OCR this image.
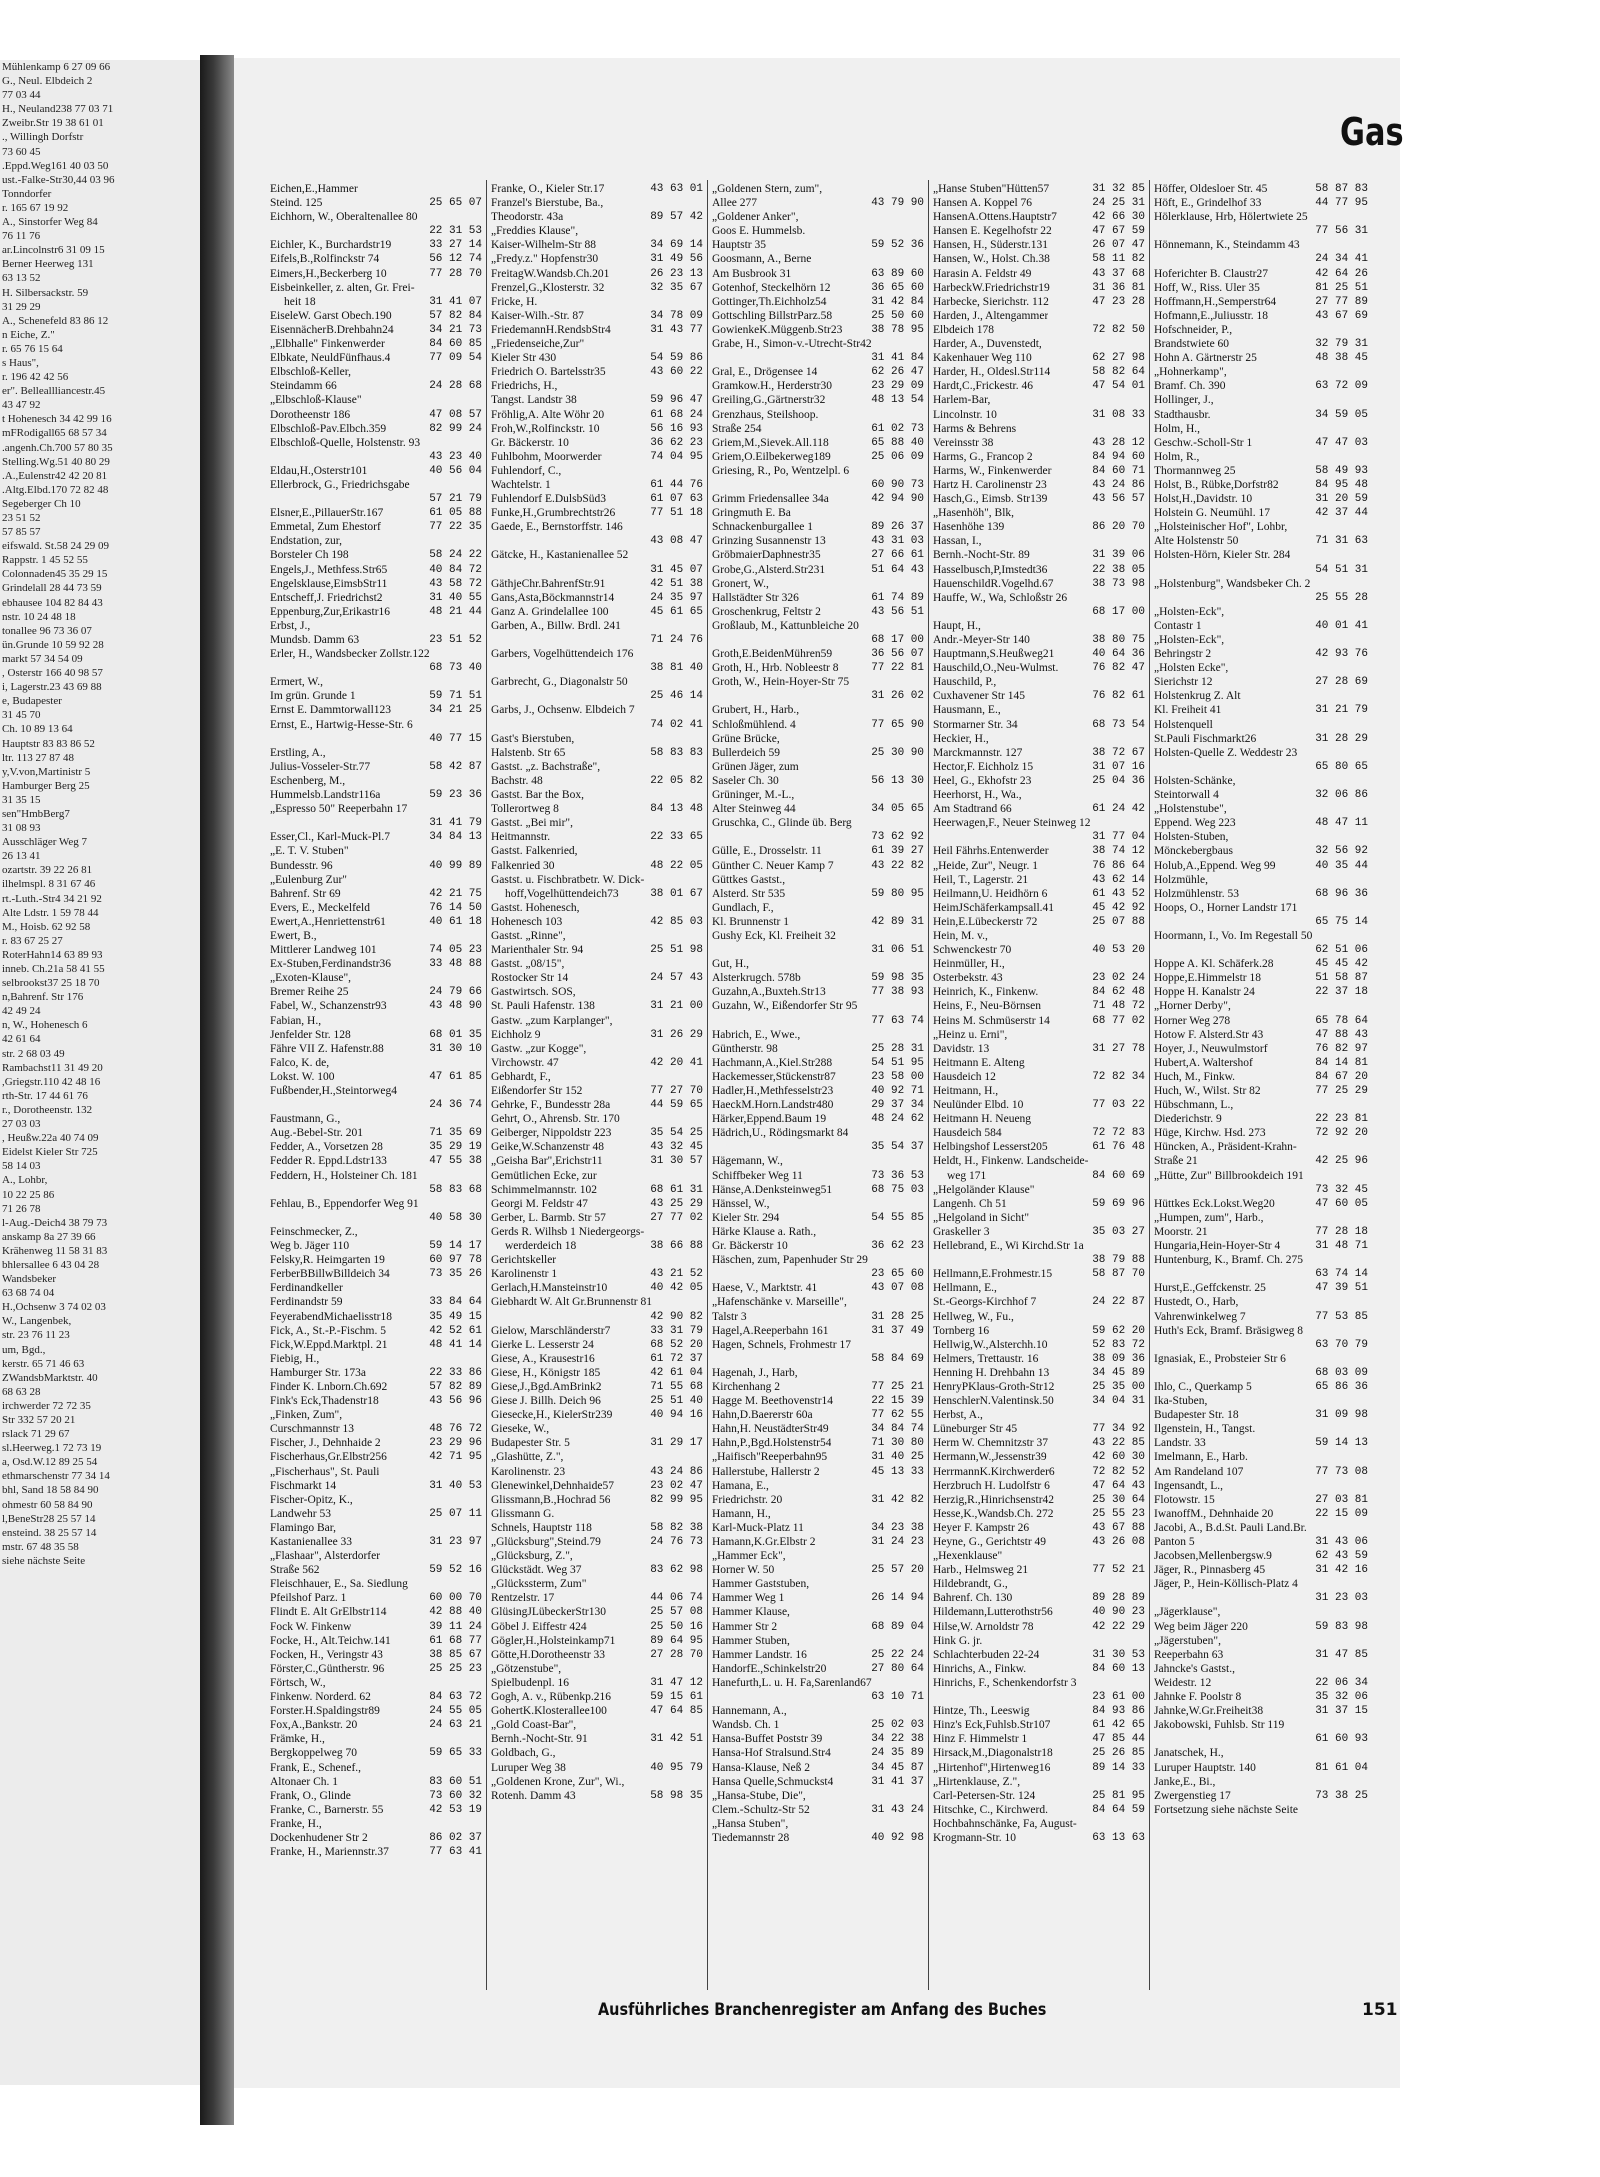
Mühlenkamp 6 27 09 66
G., Neul. Elbdeich 2
77 03 44
H., Neuland238 77 03 71
Zweibr.Str 19 38 61 01
., Willingh Dorfstr
73 60 45
.Eppd.Weg161 40 03 50
ust.-Falke-Str30,44 03 96
Tonndorfer
r. 165 67 19 92
A., Sinstorfer Weg 84
76 11 76
ar.Lincolnstr6 31 09 15
Berner Heerweg 131
63 13 52
H. Silbersackstr. 59
31 29 29
A., Schenefeld 83 86 12
n Eiche, Z."
r. 65 76 15 64
s Haus",
r. 196 42 42 56
er". Belleallliancestr.45
43 47 92
t Hohenesch 34 42 99 16
mFRodigall65 68 57 34
.angenh.Ch.700 57 80 35
Stelling.Wg.51 40 80 29
.A.,Eulenstr42 42 20 81
.Altg.Elbd.170 72 82 48
Segeberger Ch 10
23 51 52
57 85 57
eifswald. St.58 24 29 09
Rappstr. 1 45 52 55
Colonnaden45 35 29 15
Grindelall 28 44 73 59
ebhausee 104 82 84 43
nstr. 10 24 48 18
tonallee 96 73 36 07
ün.Grunde 10 59 92 28
markt 57 34 54 09
, Osterstr 166 40 98 57
i, Lagerstr.23 43 69 88
e, Budapester
31 45 70
Ch. 10 89 13 64
Hauptstr 83 83 86 52
ltr. 113 27 87 48
y,V.von,Martinistr 5
Hamburger Berg 25
31 35 15
sen"HmbBerg7
31 08 93
Ausschläger Weg 7
26 13 41
ozartstr. 39 22 26 81
ilhelmspl. 8 31 67 46
rt.-Luth.-Str4 34 21 92
Alte Ldstr. 1 59 78 44
M., Hoisb. 62 92 58
r. 83 67 25 27
RoterHahn14 63 89 93
inneb. Ch.21a 58 41 55
selbrookst37 25 18 70
n,Bahrenf. Str 176
42 49 24
n, W., Hohenesch 6
42 61 64
str. 2 68 03 49
Rambachst11 31 49 20
,Griegstr.110 42 48 16
rth-Str. 17 44 61 76
r., Dorotheenstr. 132
27 03 03
, Heußw.22a 40 74 09
Eidelst Kieler Str 725
58 14 03
A., Lohbr,
10 22 25 86
71 26 78
l-Aug.-Deich4 38 79 73
anskamp 8a 27 39 66
Krähenweg 11 58 31 83
bhlersallee 6 43 04 28
Wandsbeker
63 68 74 04
H.,Ochsenw 3 74 02 03
W., Langenbek,
str. 23 76 11 23
um, Bgd.,
kerstr. 65 71 46 63
ZWandsbMarktstr. 40
68 63 28
irchwerder 72 72 35
Str 332 57 20 21
rslack 71 29 67
sl.Heerweg.1 72 73 19
a, Osd.W.12 89 25 54
ethmarschenstr 77 34 14
bhl, Sand 18 58 84 90
ohmestr 60 58 84 90
l,BeneStr28 25 57 14
ensteind. 38 25 57 14
mstr. 67 48 35 58
siehe nächste Seite
Gas
Eichen,E.,Hammer
Steind. 125	25 65 07
Eichhorn, W., Oberaltenallee 80
22 31 53
Eichler, K., Burchardstr19	33 27 14
Eifels,B.,Rolfinckstr 74	56 12 74
Eimers,H.,Beckerberg 10	77 28 70
Eisbeinkeller, z. alten, Gr. Frei-
heit 18	31 41 07
EiseleW. Garst Obech.190	57 82 84
EisennächerB.Drehbahn24	34 21 73
„Elbhalle" Finkenwerder	84 60 85
Elbkate, NeuldFünfhaus.4	77 09 54
Elbschloß-Keller,
Steindamm 66	24 28 68
„Elbschloß-Klause"
Dorotheenstr 186	47 08 57
Elbschloß-Pav.Elbch.359	82 99 24
Elbschloß-Quelle, Holstenstr. 93
43 23 40
Eldau,H.,Osterstr101	40 56 04
Ellerbrock, G., Friedrichsgabe
57 21 79
Elsner,E.,PillauerStr.167	61 05 88
Emmetal, Zum Ehestorf	77 22 35
Endstation, zur,
Borsteler Ch 198	58 24 22
Engels,J., Methfess.Str65	40 84 72
Engelsklause,EimsbStr11	43 58 72
Entscheff,J. Friedrichst2	31 40 55
Eppenburg,Zur,Erikastr16	48 21 44
Erbst, J.,
Mundsb. Damm 63	23 51 52
Erler, H., Wandsbecker Zollstr.122
68 73 40
Ermert, W.,
Im grün. Grunde 1	59 71 51
Ernst E. Dammtorwall123	34 21 25
Ernst, E., Hartwig-Hesse-Str. 6
40 77 15
Erstling, A.,
Julius-Vosseler-Str.77	58 42 87
Eschenberg, M.,
Hummelsb.Landstr116a	59 23 36
„Espresso 50" Reeperbahn 17
31 41 79
Esser,Cl., Karl-Muck-Pl.7	34 84 13
„E. T. V. Stuben"
Bundesstr. 96	40 99 89
„Eulenburg Zur"
Bahrenf. Str 69	42 21 75
Evers, E., Meckelfeld	76 14 50
Ewert,A.,Henriettenstr61	40 61 18
Ewert, B.,
Mittlerer Landweg 101	74 05 23
Ex-Stuben,Ferdinandstr36	33 48 88
„Exoten-Klause",
Bremer Reihe 25	24 79 66
Fabel, W., Schanzenstr93	43 48 90
Fabian, H.,
Jenfelder Str. 128	68 01 35
Fähre VII Z. Hafenstr.88	31 30 10
Falco, K. de,
Lokst. W. 100	47 61 85
Fußbender,H.,Steintorweg4
24 36 74
Faustmann, G.,
Aug.-Bebel-Str. 201	71 35 69
Fedder, A., Vorsetzen 28	35 29 19
Fedder R. Eppd.Ldstr133	47 55 38
Feddern, H., Holsteiner Ch. 181
58 83 68
Fehlau, B., Eppendorfer Weg 91
40 58 30
Feinschmecker, Z.,
Weg b. Jäger 110	59 14 17
Felsky,R. Heimgarten 19	60 97 78
FerberBBillwBilldeich 34	73 35 26
Ferdinandkeller
Ferdinandstr 59	33 84 64
FeyerabendMichaelisstr18	35 49 15
Fick, A., St.-P.-Fischm. 5	42 52 61
Fick,W.Eppd.Marktpl. 21	48 41 14
Fiebig, H.,
Hamburger Str. 173a	22 33 86
Finder K. Lnborn.Ch.692	57 82 89
Fink's Eck,Thadenstr18	43 56 96
„Finken, Zum",
Curschmannstr 13	48 76 72
Fischer, J., Dehnhaide 2	23 29 96
Fischerhaus,Gr.Elbstr256	42 71 95
„Fischerhaus", St. Pauli
Fischmarkt 14	31 40 53
Fischer-Opitz, K.,
Landwehr 53	25 07 11
Flamingo Bar,
Kastanienallee 33	31 23 97
„Flashaar", Alsterdorfer
Straße 562	59 52 16
Fleischhauer, E., Sa. Siedlung
Pfeilshof Parz. 1	60 00 70
Flindt E. Alt GrElbstr114	42 88 40
Fock W. Finkenw	39 11 24
Focke, H., Alt.Teichw.141	61 68 77
Focken, H., Veringstr 43	38 85 67
Förster,C.,Güntherstr. 96	25 25 23
Förtsch, W.,
Finkenw. Norderd. 62	84 63 72
Forster.H.Spaldingstr89	24 55 05
Fox,A.,Bankstr. 20	24 63 21
Främke, H.,
Bergkoppelweg 70	59 65 33
Frank, E., Schenef.,
Altonaer Ch. 1	83 60 51
Frank, O., Glinde	73 60 32
Franke, C., Barnerstr. 55	42 53 19
Franke, H.,
Dockenhudener Str 2	86 02 37
Franke, H., Mariennstr.37	77 63 41
Franke, O., Kieler Str.17	43 63 01
Franzel's Bierstube, Ba.,
Theodorstr. 43a	89 57 42
„Freddies Klause",
Kaiser-Wilhelm-Str 88	34 69 14
„Fredy.z." Hopfenstr30	31 49 56
FreitagW.Wandsb.Ch.201	26 23 13
Frenzel,G.,Klosterstr. 32	32 35 67
Fricke, H.
Kaiser-Wilh.-Str. 87	34 78 09
FriedemannH.RendsbStr4	31 43 77
„Friedenseiche,Zur"
Kieler Str 430	54 59 86
Friedrich O. Bartelsstr35	43 60 22
Friedrichs, H.,
Tangst. Landstr 38	59 96 47
Fröhlig,A. Alte Wöhr 20	61 68 24
Froh,W.,Rolfinckstr. 10	56 16 93
Gr. Bäckerstr. 10	36 62 23
Fuhlbohm, Moorwerder	74 04 95
Fuhlendorf, C.,
Wachtelstr. 1	61 44 76
Fuhlendorf E.DulsbSüd3	61 07 63
Funke,H.,Grumbrechtstr26	77 51 18
Gaede, E., Bernstorffstr. 146
43 08 47
Gätcke, H., Kastanienallee 52
31 45 07
GäthjeChr.BahrenfStr.91	42 51 38
Gans,Asta,Böckmannstr14	24 35 97
Ganz A. Grindelallee 100	45 61 65
Garben, A., Billw. Brdl. 241
71 24 76
Garbers, Vogelhüttendeich 176
38 81 40
Garbrecht, G., Diagonalstr 50
25 46 14
Garbs, J., Ochsenw. Elbdeich 7
74 02 41
Gast's Bierstuben,
Halstenb. Str 65	58 83 83
Gastst. „z. Bachstraße",
Bachstr. 48	22 05 82
Gastst. Bar the Box,
Tollerortweg 8	84 13 48
Gastst. „Bei mir",
Heitmannstr.	22 33 65
Gastst. Falkenried,
Falkenried 30	48 22 05
Gastst. u. Fischbratbetr. W. Dick-
hoff,Vogelhüttendeich73	38 01 67
Gastst. Hohenesch,
Hohenesch 103	42 85 03
Gastst. „Rinne",
Marienthaler Str. 94	25 51 98
Gastst. „08/15",
Rostocker Str 14	24 57 43
Gastwirtsch. SOS,
St. Pauli Hafenstr. 138	31 21 00
Gastw. „zum Karplanger",
Eichholz 9	31 26 29
Gastw. „zur Kogge",
Virchowstr. 47	42 20 41
Gebhardt, F.,
Eißendorfer Str 152	77 27 70
Gehrke, F., Bundesstr 28a	44 59 65
Gehrt, O., Ahrensb. Str. 170
Geiberger, Nippoldstr 223	35 54 25
Geike,W.Schanzenstr 48	43 32 45
„Geisha Bar",Erichstr11	31 30 57
Gemütlichen Ecke, zur
Schimmelmannstr. 102	68 61 31
Georgi M. Feldstr 47	43 25 29
Gerber, L. Barmb. Str 57	27 77 02
Gerds R. Wilhsb 1 Niedergeorgs-
werderdeich 18	38 66 88
Gerichtskeller
Karolinenstr 1	43 21 52
Gerlach,H.Mansteinstr10	40 42 05
Giebhardt W. Alt Gr.Brunnenstr 81
42 90 82
Gielow, Marschländerstr7	33 31 79
Gierke L. Lesserstr 24	68 52 20
Giese, A., Krausestr16	61 72 37
Giese, H., Königstr 185	42 61 04
Giese,J.,Bgd.AmBrink2	71 55 68
Giese J. Billh. Deich 96	25 51 40
Giesecke,H., KielerStr239	40 94 16
Gieseke, W.,
Budapester Str. 5	31 29 17
„Glashütte, Z.",
Karolinenstr. 23	43 24 86
Glenewinkel,Dehnhaide57	23 02 47
Glissmann,B.,Hochrad 56	82 99 95
Glissmann G.
Schnels, Hauptstr 118	58 82 38
„Glücksburg",Steind.79	24 76 73
„Glücksburg, Z.",
Glückstädt. Weg 37	83 62 98
„Glückssterm, Zum"
Rentzelstr. 17	44 06 74
GlüsingJLübeckerStr130	25 57 08
Göbel J. Eiffestr 424	25 50 16
Gögler,H.,Holsteinkamp71	89 64 95
Götte,H.Dorotheenstr 33	27 28 70
„Götzenstube",
Spielbudenpl. 16	31 47 12
Gogh, A. v., Rübenkp.216	59 15 61
GohertK.Klosterallee100	47 64 85
„Gold Coast-Bar",
Bernh.-Nocht-Str. 91	31 42 51
Goldbach, G.,
Luruper Weg 38	40 95 79
„Goldenen Krone, Zur", Wi.,
Rotenh. Damm 43	58 98 35
„Goldenen Stern, zum",
Allee 277	43 79 90
„Goldener Anker",
Goos E. Hummelsb.
Hauptstr 35	59 52 36
Goosmann, A., Berne
Am Busbrook 31	63 89 60
Gotenhof, Steckelhörn 12	36 65 60
Gottinger,Th.Eichholz54	31 42 84
Gottschling BillstrParz.58	25 50 60
GowienkeK.Müggenb.Str23	38 78 95
Grabe, H., Simon-v.-Utrecht-Str42
31 41 84
Gral, E., Drögensee 14	62 26 47
Gramkow.H., Herderstr30	23 29 09
Greiling,G.,Gärtnerstr32	48 13 54
Grenzhaus, Steilshoop.
Straße 254	61 02 73
Griem,M.,Sievek.All.118	65 88 40
Griem,O.Eilbekerweg189	25 06 09
Griesing, R., Po, Wentzelpl. 6
60 90 73
Grimm Friedensallee 34a	42 94 90
Gringmuth E. Ba
Schnackenburgallee 1	89 26 37
Grinzing Susannenstr 13	43 31 03
GröbmaierDaphnestr35	27 66 61
Grobe,G.,Alsterd.Str231	51 64 43
Gronert, W.,
Hallstädter Str 326	61 74 89
Groschenkrug, Feltstr 2	43 56 51
Großlaub, M., Kattunbleiche 20
68 17 00
Groth,E.BeidenMühren59	36 56 07
Groth, H., Hrb. Nobleestr 8	77 22 81
Groth, W., Hein-Hoyer-Str 75
31 26 02
Grubert, H., Harb.,
Schloßmühlend. 4	77 65 90
Grüne Brücke,
Bullerdeich 59	25 30 90
Grünen Jäger, zum
Saseler Ch. 30	56 13 30
Grüninger, M.-L.,
Alter Steinweg 44	34 05 65
Gruschka, C., Glinde üb. Berg
73 62 92
Gülle, E., Drosselstr. 11	61 39 27
Günther C. Neuer Kamp 7	43 22 82
Güttkes Gastst.,
Alsterd. Str 535	59 80 95
Gundlach, F.,
Kl. Brunnenstr 1	42 89 31
Gushy Eck, Kl. Freiheit 32
31 06 51
Gut, H.,
Alsterkrugch. 578b	59 98 35
Guzahn,A.,Buxteh.Str13	77 38 93
Guzahn, W., Eißendorfer Str 95
77 63 74
Habrich, E., Wwe.,
Güntherstr. 98	25 28 31
Hachmann,A.,Kiel.Str288	54 51 95
Hackemesser,Stückenstr87	23 58 00
Hadler,H.,Methfesselstr23	40 92 71
HaeckM.Horn.Landstr480	29 37 34
Härker,Eppend.Baum 19	48 24 62
Hädrich,U., Rödingsmarkt 84
35 54 37
Hägemann, W.,
Schiffbeker Weg 11	73 36 53
Hänse,A.Denksteinweg51	68 75 03
Hänssel, W.,
Kieler Str. 294	54 55 85
Härke Klause a. Rath.,
Gr. Bäckerstr 10	36 62 23
Häschen, zum, Papenhuder Str 29
23 65 60
Haese, V., Marktstr. 41	43 07 08
„Hafenschänke v. Marseille",
Talstr 3	31 28 25
Hagel,A.Reeperbahn 161	31 37 49
Hagen, Schnels, Frohmestr 17
58 84 69
Hagenah, J., Harb,
Kirchenhang 2	77 25 21
Hagge M. Beethovenstr14	22 15 39
Hahn,D.Baererstr 60a	77 62 55
Hahn,H. NeustädterStr49	34 84 74
Hahn,P.,Bgd.Holstenstr54	71 30 80
„Haifisch"Reeperbahn95	31 40 25
Hallerstube, Hallerstr 2	45 13 33
Hamana, E.,
Friedrichstr. 20	31 42 82
Hamann, H.,
Karl-Muck-Platz 11	34 23 38
Hamann,K.Gr.Elbstr 2	31 24 23
„Hammer Eck",
Horner W. 50	25 57 20
Hammer Gaststuben,
Hammer Weg 1	26 14 94
Hammer Klause,
Hammer Str 2	68 89 04
Hammer Stuben,
Hammer Landstr. 16	25 22 24
HandorfE.,Schinkelstr20	27 80 64
Hanefurth,L. u. H. Fa,Sarenland67
63 10 71
Hannemann, A.,
Wandsb. Ch. 1	25 02 03
Hansa-Buffet Poststr 39	34 22 38
Hansa-Hof Stralsund.Str4	24 35 89
Hansa-Klause, Neß 2	34 45 87
Hansa Quelle,Schmuckst4	31 41 37
„Hansa-Stube, Die",
Clem.-Schultz-Str 52	31 43 24
„Hansa Stuben",
Tiedemannstr 28	40 92 98
„Hanse Stuben"Hütten57	31 32 85
Hansen A. Koppel 76	24 25 31
HansenA.Ottens.Hauptstr7	42 66 30
Hansen E. Kegelhofstr 22	47 67 59
Hansen, H., Süderstr.131	26 07 47
Hansen, W., Holst. Ch.38	58 11 82
Harasin A. Feldstr 49	43 37 68
HarbeckW.Friedrichstr19	31 36 81
Harbecke, Sierichstr. 112	47 23 28
Harden, J., Altengammer
Elbdeich 178	72 82 50
Harder, A., Duvenstedt,
Kakenhauer Weg 110	62 27 98
Harder, H., Oldesl.Str114	58 82 64
Hardt,C.,Frickestr. 46	47 54 01
Harlem-Bar,
Lincolnstr. 10	31 08 33
Harms & Behrens
Vereinsstr 38	43 28 12
Harms, G., Francop 2	84 94 60
Harms, W., Finkenwerder	84 60 71
Hartz H. Carolinenstr 23	43 24 86
Hasch,G., Eimsb. Str139	43 56 57
„Hasenhöh", Blk,
Hasenhöhe 139	86 20 70
Hassan, I.,
Bernh.-Nocht-Str. 89	31 39 06
Hasselbusch,P,Imstedt36	22 38 05
HauenschildR.Vogelhd.67	38 73 98
Hauffe, W., Wa, Schloßstr 26
68 17 00
Haupt, H.,
Andr.-Meyer-Str 140	38 80 75
Hauptmann,S.Heußweg21	40 64 36
Hauschild,O.,Neu-Wulmst.	76 82 47
Hauschild, P.,
Cuxhavener Str 145	76 82 61
Hausmann, E.,
Stormarner Str. 34	68 73 54
Heckier, H.,
Marckmannstr. 127	38 72 67
Hector,F. Eichholz 15	31 07 16
Heel, G., Ekhofstr 23	25 04 36
Heerhorst, H., Wa.,
Am Stadtrand 66	61 24 42
Heerwagen,F., Neuer Steinweg 12
31 77 04
Heil Fährhs.Entenwerder	38 74 12
„Heide, Zur", Neugr. 1	76 86 64
Heil, T., Lagerstr. 21	43 62 14
Heilmann,U. Heidhörn 6	61 43 52
HeimJSchäferkampsall.41	45 42 92
Hein,E.Lübeckerstr 72	25 07 88
Hein, M. v.,
Schwenckestr 70	40 53 20
Heinmüller, H.,
Osterbekstr. 43	23 02 24
Heinrich, K., Finkenw.	84 62 48
Heins, F., Neu-Börnsen	71 48 72
Heins M. Schmüserstr 14	68 77 02
„Heinz u. Erni",
Davidstr. 13	31 27 78
Heitmann E. Alteng
Hausdeich 12	72 82 34
Heitmann, H.,
Neulünder Elbd. 10	77 03 22
Heitmann H. Neueng
Hausdeich 584	72 72 83
Helbingshof Lesserst205	61 76 48
Heldt, H., Finkenw. Landscheide-
weg 171	84 60 69
„Helgoländer Klause"
Langenh. Ch 51	59 69 96
„Helgoland in Sicht"
Graskeller 3	35 03 27
Hellebrand, E., Wi Kirchd.Str 1a
38 79 88
Hellmann,E.Frohmestr.15	58 87 70
Hellmann, E.,
St.-Georgs-Kirchhof 7	24 22 87
Hellweg, W., Fu.,
Tornberg 16	59 62 20
Hellwig,W.,Alsterchh.10	52 83 72
Helmers, Trettaustr. 16	38 09 36
Henning H. Drehbahn 13	34 45 89
HenryPKlaus-Groth-Str12	25 35 00
HenschlerN.Valentinsk.50	34 04 31
Herbst, A.,
Lüneburger Str 45	77 34 92
Herm W. Chemnitzstr 37	43 22 85
Hermann,W.,Jessenstr39	42 60 30
HerrmannK.Kirchwerder6	72 82 52
Herzbruch H. Ludolfstr 6	47 64 43
Herzig,R.,Hinrichsenstr42	25 30 64
Hesse,K.,Wandsb.Ch. 272	25 55 23
Heyer F. Kampstr 26	43 67 88
Heyne, G., Gerichtstr 49	43 26 08
„Hexenklause"
Harb., Helmsweg 21	77 52 21
Hildebrandt, G.,
Bahrenf. Ch. 130	89 28 89
Hildemann,Lutterothstr56	40 90 23
Hilse,W. Arnoldstr 78	42 22 29
Hink G. jr.
Schlachterbuden 22-24	31 30 53
Hinrichs, A., Finkw.	84 60 13
Hinrichs, F., Schenkendorfstr 3
23 61 00
Hintze, Th., Leeswig	84 93 86
Hinz's Eck,Fuhlsb.Str107	61 42 65
Hinz F. Himmelstr 1	47 85 44
Hirsack,M.,Diagonalstr18	25 26 85
„Hirtenhof",Hirtenweg16	89 14 33
„Hirtenklause, Z.",
Carl-Petersen-Str. 124	25 81 95
Hitschke, C., Kirchwerd.	84 64 59
Hochbahnschänke, Fa, August-
Krogmann-Str. 10	63 13 63
Höffer, Oldesloer Str. 45	58 87 83
Höft, E., Grindelhof 33	44 77 95
Hölerklause, Hrb, Hölertwiete 25
77 56 31
Hönnemann, K., Steindamm 43
24 34 41
Hoferichter B. Claustr27	42 64 26
Hoff, W., Riss. Uler 35	81 25 51
Hoffmann,H.,Semperstr64	27 77 89
Hofmann,E.,Juliusstr. 18	43 67 69
Hofschneider, P.,
Brandstwiete 60	32 79 31
Hohn A. Gärtnerstr 25	48 38 45
„Hohnerkamp",
Bramf. Ch. 390	63 72 09
Hollinger, J.,
Stadthausbr.	34 59 05
Holm, H.,
Geschw.-Scholl-Str 1	47 47 03
Holm, R.,
Thormannweg 25	58 49 93
Holst, B., Rübke,Dorfstr82	84 95 48
Holst,H.,Davidstr. 10	31 20 59
Holstein G. Neumühl. 17	42 37 44
„Holsteinischer Hof", Lohbr,
Alte Holstenstr 50	71 31 63
Holsten-Hörn, Kieler Str. 284
54 51 31
„Holstenburg", Wandsbeker Ch. 2
25 55 28
„Holsten-Eck",
Contastr 1	40 01 41
„Holsten-Eck",
Behringstr 2	42 93 76
„Holsten Ecke",
Sierichstr 12	27 28 69
Holstenkrug Z. Alt
Kl. Freiheit 41	31 21 79
Holstenquell
St.Pauli Fischmarkt26	31 28 29
Holsten-Quelle Z. Weddestr 23
65 80 65
Holsten-Schänke,
Steintorwall 4	32 06 86
„Holstenstube",
Eppend. Weg 223	48 47 11
Holsten-Stuben,
Mönckebergbaus	32 56 92
Holub,A.,Eppend. Weg 99	40 35 44
Holzmühle,
Holzmühlenstr. 53	68 96 36
Hoops, O., Horner Landstr 171
65 75 14
Hoormann, I., Vo. Im Regestall 50
62 51 06
Hoppe A. Kl. Schäferk.28	45 45 42
Hoppe,E.Himmelstr 18	51 58 87
Hoppe H. Kanalstr 24	22 37 18
„Horner Derby",
Horner Weg 278	65 78 64
Hotow F. Alsterd.Str 43	47 88 43
Hoyer, J., Neuwulmstorf	76 82 97
Hubert,A. Waltershof	84 14 81
Huch, M., Finkw.	84 67 20
Huch, W., Wilst. Str 82	77 25 29
Hübschmann, L.,
Diederichstr. 9	22 23 81
Hüge, Kirchw. Hsd. 273	72 92 20
Hüncken, A., Präsident-Krahn-
Straße 21	42 25 96
„Hütte, Zur" Billbrookdeich 191
73 32 45
Hüttkes Eck.Lokst.Weg20	47 60 05
„Humpen, zum", Harb.,
Moorstr. 21	77 28 18
Hungaria,Hein-Hoyer-Str 4	31 48 71
Huntenburg, K., Bramf. Ch. 275
63 74 14
Hurst,E.,Geffckenstr. 25	47 39 51
Hustedt, O., Harb,
Vahrenwinkelweg 7	77 53 85
Huth's Eck, Bramf. Bräsigweg 8
63 70 79
Ignasiak, E., Probsteier Str 6
68 03 09
Ihlo, C., Querkamp 5	65 86 36
Ika-Stuben,
Budapester Str. 18	31 09 98
Ilgenstein, H., Tangst.
Landstr. 33	59 14 13
Imelmann, E., Harb.
Am Randeland 107	77 73 08
Ingensandt, L.,
Flotowstr. 15	27 03 81
IwanoffM., Dehnhaide 20	22 15 09
Jacobi, A., B.d.St. Pauli Land.Br.
Panton 5	31 43 06
Jacobsen,Mellenbergsw.9	62 43 59
Jäger, R., Pinnasberg 45	31 42 16
Jäger, P., Hein-Köllisch-Platz 4
31 23 03
„Jägerklause",
Weg beim Jäger 220	59 83 98
„Jägerstuben",
Reeperbahn 63	31 47 85
Jahncke's Gastst.,
Weidestr. 12	22 06 34
Jahnke F. Poolstr 8	35 32 06
Jahnke,W.Gr.Freiheit38	31 37 15
Jakobowski, Fuhlsb. Str 119
61 60 93
Janatschek, H.,
Luruper Hauptstr. 140	81 61 04
Janke,E., Bi.,
Zwergenstieg 17	73 38 25
Fortsetzung siehe nächste Seite
Ausführliches Branchenregister am Anfang des Buches	151
